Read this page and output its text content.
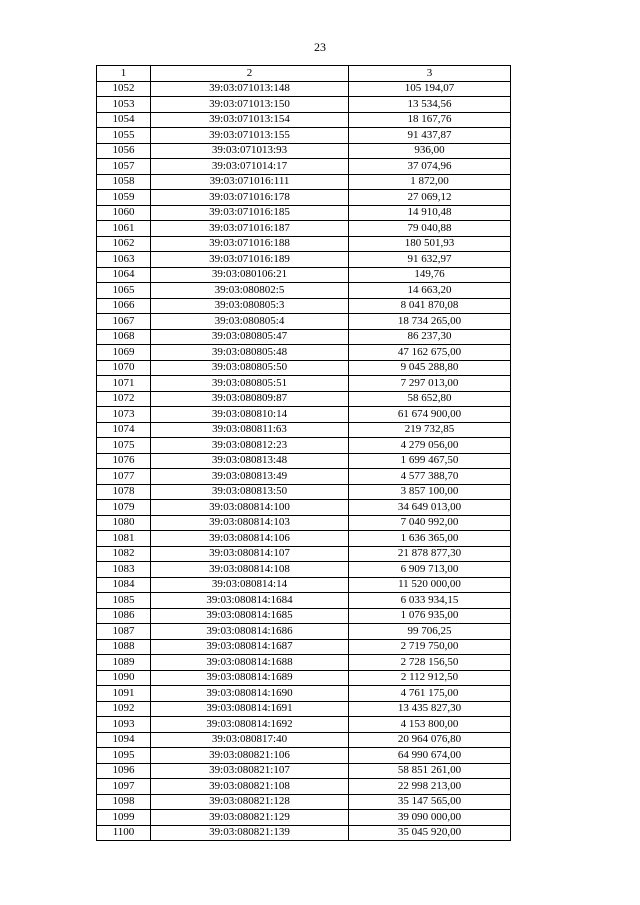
23
1	2	3
1052	39:03:071013:148	105 194,07
1053	39:03:071013:150	13 534,56
1054	39:03:071013:154	18 167,76
1055	39:03:071013:155	91 437,87
1056	39:03:071013:93	936,00
1057	39:03:071014:17	37 074,96
1058	39:03:071016:111	1 872,00
1059	39:03:071016:178	27 069,12
1060	39:03:071016:185	14 910,48
1061	39:03:071016:187	79 040,88
1062	39:03:071016:188	180 501,93
1063	39:03:071016:189	91 632,97
1064	39:03:080106:21	149,76
1065	39:03:080802:5	14 663,20
1066	39:03:080805:3	8 041 870,08
1067	39:03:080805:4	18 734 265,00
1068	39:03:080805:47	86 237,30
1069	39:03:080805:48	47 162 675,00
1070	39:03:080805:50	9 045 288,80
1071	39:03:080805:51	7 297 013,00
1072	39:03:080809:87	58 652,80
1073	39:03:080810:14	61 674 900,00
1074	39:03:080811:63	219 732,85
1075	39:03:080812:23	4 279 056,00
1076	39:03:080813:48	1 699 467,50
1077	39:03:080813:49	4 577 388,70
1078	39:03:080813:50	3 857 100,00
1079	39:03:080814:100	34 649 013,00
1080	39:03:080814:103	7 040 992,00
1081	39:03:080814:106	1 636 365,00
1082	39:03:080814:107	21 878 877,30
1083	39:03:080814:108	6 909 713,00
1084	39:03:080814:14	11 520 000,00
1085	39:03:080814:1684	6 033 934,15
1086	39:03:080814:1685	1 076 935,00
1087	39:03:080814:1686	99 706,25
1088	39:03:080814:1687	2 719 750,00
1089	39:03:080814:1688	2 728 156,50
1090	39:03:080814:1689	2 112 912,50
1091	39:03:080814:1690	4 761 175,00
1092	39:03:080814:1691	13 435 827,30
1093	39:03:080814:1692	4 153 800,00
1094	39:03:080817:40	20 964 076,80
1095	39:03:080821:106	64 990 674,00
1096	39:03:080821:107	58 851 261,00
1097	39:03:080821:108	22 998 213,00
1098	39:03:080821:128	35 147 565,00
1099	39:03:080821:129	39 090 000,00
1100	39:03:080821:139	35 045 920,00
